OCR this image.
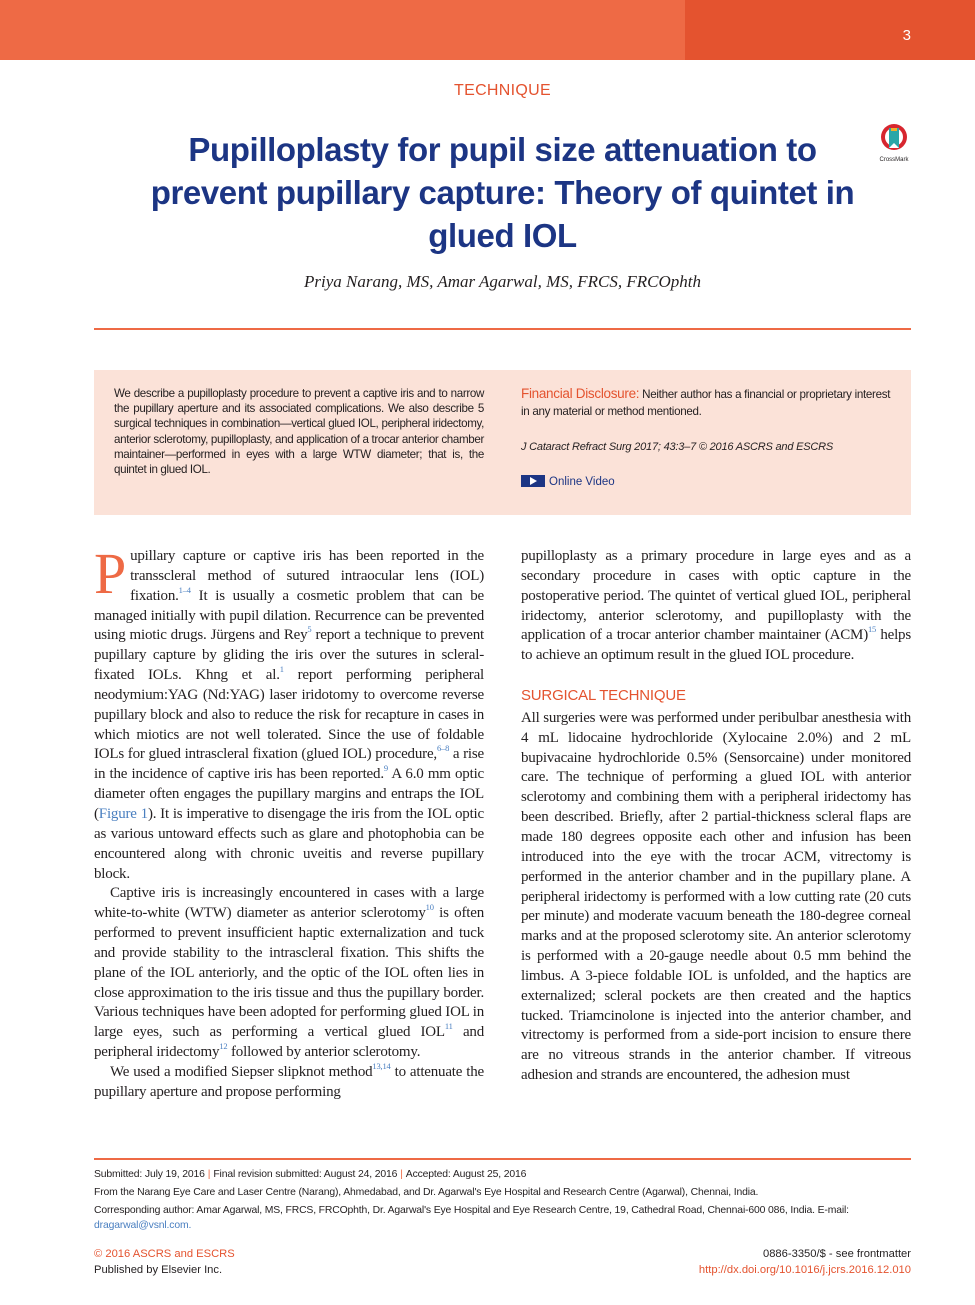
3
TECHNIQUE
Pupilloplasty for pupil size attenuation to prevent pupillary capture: Theory of quintet in glued IOL
CrossMark
Priya Narang, MS, Amar Agarwal, MS, FRCS, FRCOphth
We describe a pupilloplasty procedure to prevent a captive iris and to narrow the pupillary aperture and its associated complications. We also describe 5 surgical techniques in combination—vertical glued IOL, peripheral iridectomy, anterior sclerotomy, pupilloplasty, and application of a trocar anterior chamber maintainer—performed in eyes with a large WTW diameter; that is, the quintet in glued IOL.
Financial Disclosure: Neither author has a financial or proprietary interest in any material or method mentioned.
J Cataract Refract Surg 2017; 43:3–7 © 2016 ASCRS and ESCRS
Online Video

Pupillary capture or captive iris has been reported in the transscleral method of sutured intraocular lens (IOL) fixation.$^{1-4}$ It is usually a cosmetic problem that can be managed initially with pupil dilation. Recurrence can be prevented using miotic drugs. Jürgens and Rey$^5$ report a technique to prevent pupillary capture by gliding the iris over the sutures in scleral-fixated IOLs. Khng et al.$^1$ report performing peripheral neodymium:YAG (Nd:YAG) laser iridotomy to overcome reverse pupillary block and also to reduce the risk for recapture in cases in which miotics are not well tolerated. Since the use of foldable IOLs for glued intrascleral fixation (glued IOL) procedure,$^{6-8}$ a rise in the incidence of captive iris has been reported.$^9$ A 6.0 mm optic diameter often engages the pupillary margins and entraps the IOL (Figure 1). It is imperative to disengage the iris from the IOL optic as various untoward effects such as glare and photophobia can be encountered along with chronic uveitis and reverse pupillary block.

Captive iris is increasingly encountered in cases with a large white-to-white (WTW) diameter as anterior sclerotomy$^{10}$ is often performed to prevent insufficient haptic externalization and tuck and provide stability to the intrascleral fixation. This shifts the plane of the IOL anteriorly, and the optic of the IOL often lies in close approximation to the iris tissue and thus the pupillary border. Various techniques have been adopted for performing glued IOL in large eyes, such as performing a vertical glued IOL$^{11}$ and peripheral iridectomy$^{12}$ followed by anterior sclerotomy.

We used a modified Siepser slipknot method$^{13,14}$ to attenuate the pupillary aperture and propose performing

pupilloplasty as a primary procedure in large eyes and as a secondary procedure in cases with optic capture in the postoperative period. The quintet of vertical glued IOL, peripheral iridectomy, anterior sclerotomy, and pupilloplasty with the application of a trocar anterior chamber maintainer (ACM)$^{15}$ helps to achieve an optimum result in the glued IOL procedure.

SURGICAL TECHNIQUE

All surgeries were was performed under peribulbar anesthesia with 4 mL lidocaine hydrochloride (Xylocaine 2.0%) and 2 mL bupivacaine hydrochloride 0.5% (Sensorcaine) under monitored care. The technique of performing a glued IOL with anterior sclerotomy and combining them with a peripheral iridectomy has been described. Briefly, after 2 partial-thickness scleral flaps are made 180 degrees opposite each other and infusion has been introduced into the eye with the trocar ACM, vitrectomy is performed in the anterior chamber and in the pupillary plane. A peripheral iridectomy is performed with a low cutting rate (20 cuts per minute) and moderate vacuum beneath the 180-degree corneal marks and at the proposed sclerotomy site. An anterior sclerotomy is performed with a 20-gauge needle about 0.5 mm behind the limbus. A 3-piece foldable IOL is unfolded, and the haptics are externalized; scleral pockets are then created and the haptics tucked. Triamcinolone is injected into the anterior chamber, and vitrectomy is performed from a side-port incision to ensure there are no vitreous strands in the anterior chamber. If vitreous adhesion and strands are encountered, the adhesion must

Submitted: July 19, 2016 | Final revision submitted: August 24, 2016 | Accepted: August 25, 2016
From the Narang Eye Care and Laser Centre (Narang), Ahmedabad, and Dr. Agarwal's Eye Hospital and Research Centre (Agarwal), Chennai, India.
Corresponding author: Amar Agarwal, MS, FRCS, FRCOphth, Dr. Agarwal's Eye Hospital and Eye Research Centre, 19, Cathedral Road, Chennai-600 086, India. E-mail: dragarwal@vsnl.com.
© 2016 ASCRS and ESCRS
Published by Elsevier Inc.
0886-3350/$ - see frontmatter
http://dx.doi.org/10.1016/j.jcrs.2016.12.010
